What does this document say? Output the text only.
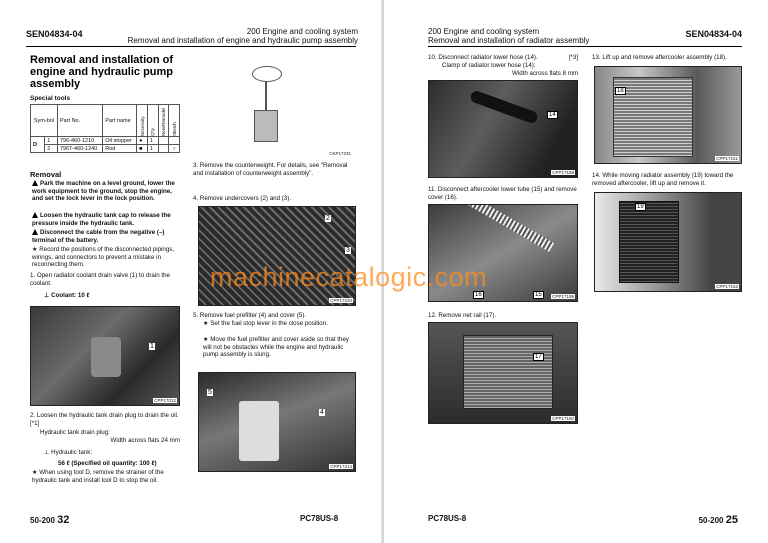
SEN04834-04	200 Engine and cooling system
Removal and installation of engine and hydraulic pump assembly
Removal and installation of
engine and hydraulic pump
assembly
Special tools
Sym-bol		Part No.	Part name	Necessity	Q'ty	New/Remodel	Sketch
D	1	796-460-1210	Oil stopper	●	1		
	2	796T-460-1240	Rod	■	1		○
Removal
Park the machine on a level ground, lower the work equipment to the ground, stop the engine, and set the lock lever in the lock position.
Loosen the hydraulic tank cap to release the pressure inside the hydraulic tank.
Disconnect the cable from the negative (–) terminal of the battery.
★ Record the positions of the disconnected pipings, wirings, and connectors to prevent a mistake in reconnecting them.
1. Open radiator coolant drain valve (1) to drain the coolant.
⊥ Coolant: 10 ℓ
CPP17012
1
2. Loosen the hydraulic tank drain plug to drain the oil. [*1]
Hydraulic tank drain plug:
Width across flats 24 mm
⊥ Hydraulic tank:
56 ℓ (Specified oil quantity: 100 ℓ)
★ When using tool D, remove the strainer of the hydraulic tank and install tool D to stop the oil.
CKP17231
3. Remove the counterweight. For details, see “Removal and installation of counterweight assembly”.
4. Remove undercovers (2) and (3).
CPP17220
2
3
5. Remove fuel prefilter (4) and cover (5).
★ Set the fuel stop lever in the close position.
★ Move the fuel prefilter and cover aside so that they will not be obstacles while the engine and hydraulic pump assembly is slung.
CPP17214
5
4
50-200 32	PC78US-8
200 Engine and cooling system
Removal and installation of radiator assembly
SEN04834-04
10. Disconnect radiator lower hose (14).	[*3]
Clamp of radiator lower hose (14):
Width across flats 8 mm
14
CPP17158
11. Disconnect aftercooler lower tube (15) and remove cover (16).
16	15	CPP17159
12. Remove net rail (17).
17
CPP17160
13. Lift up and remove aftercooler assembly (18).
18
CPP17161
14. While moving radiator assembly (19) toward the removed aftercooler, lift up and remove it.
19
CPP17162
PC78US-8	50-200 25
machinecatalogic.com
